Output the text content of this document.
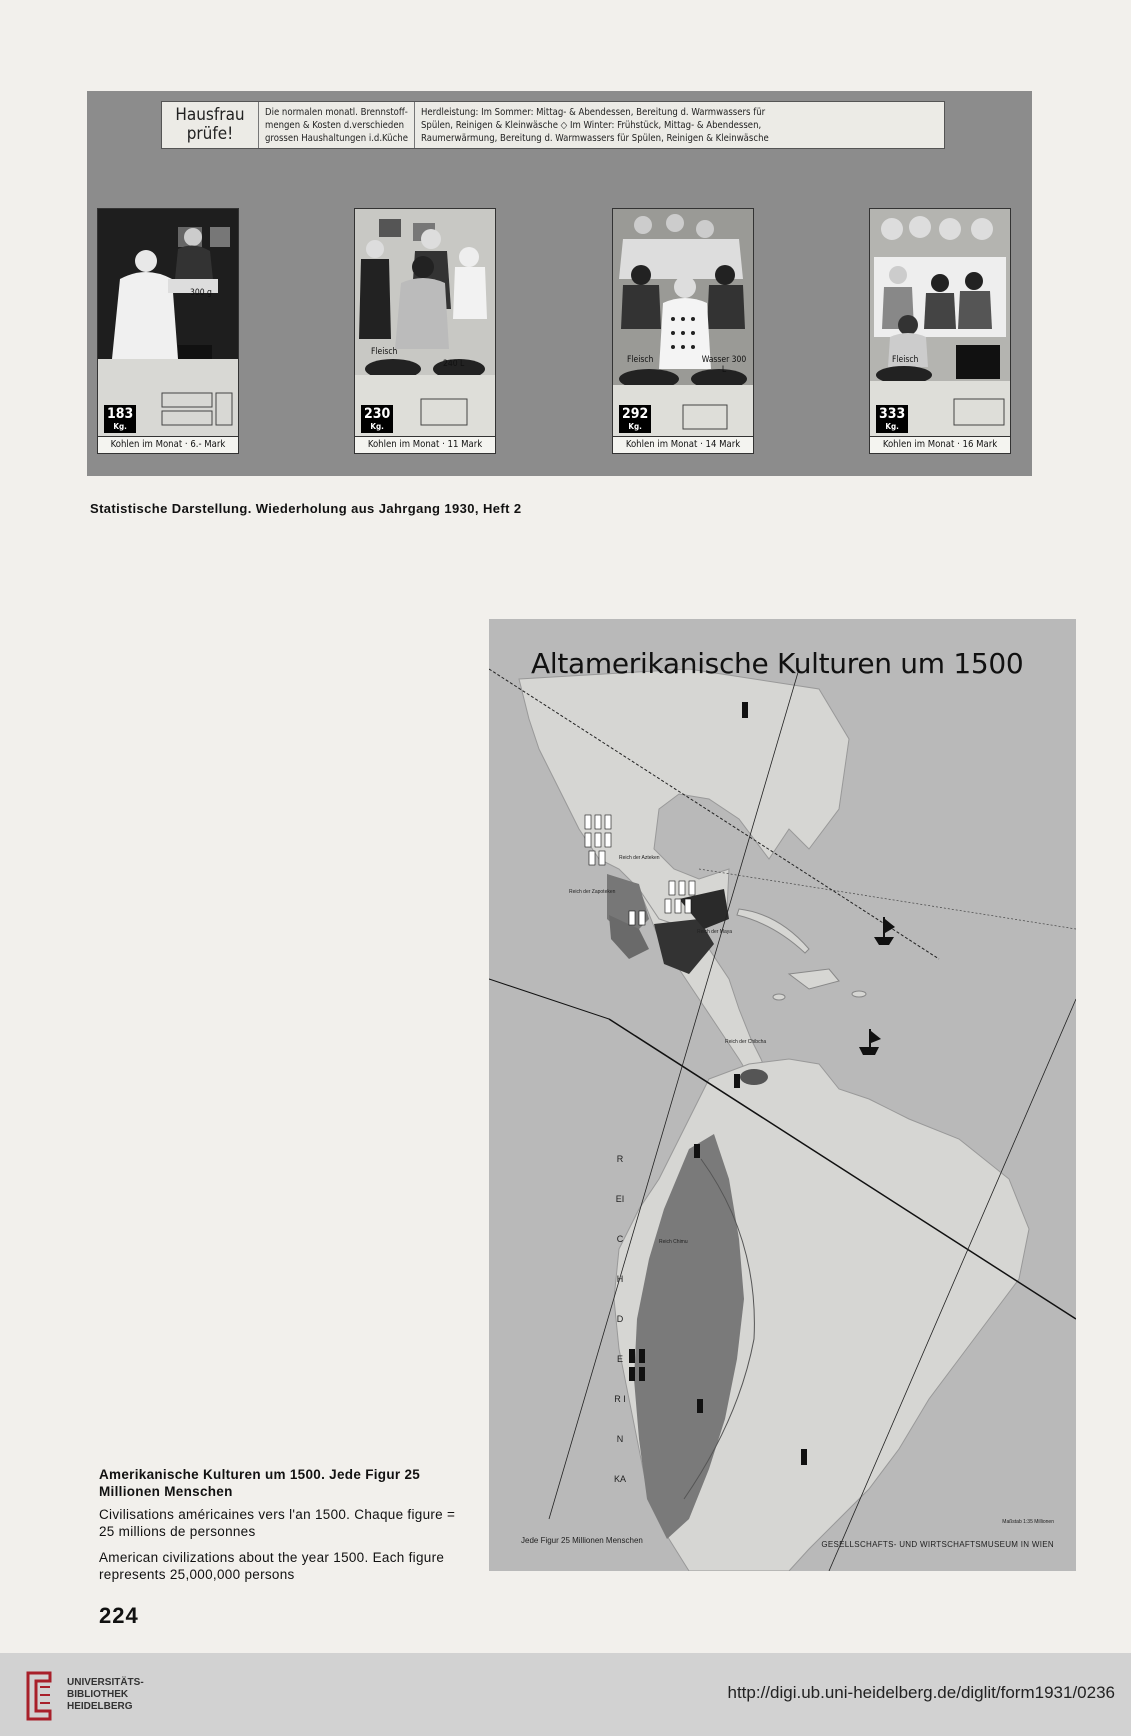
Hausfrau
prüfe!
Die normalen monatl. Brennstoff-
mengen & Kosten d.verschieden
grossen Haushaltungen i.d.Küche
Herdleistung: Im Sommer: Mittag- & Abendessen, Bereitung d. Warmwassers für
Spülen, Reinigen & Kleinwäsche ◇ Im Winter: Frühstück, Mittag- & Abendessen,
Raumerwärmung, Bereitung d. Warmwassers für Spülen, Reinigen & Kleinwäsche
300 g
183
Kg.
Kohlen im Monat · 6.- Mark
Fleisch
240 L
230
Kg.
Kohlen im Monat · 11 Mark
Fleisch	Wasser 300 L
292
Kg.
Kohlen im Monat · 14 Mark
Fleisch
333
Kg.
Kohlen im Monat · 16 Mark
Statistische Darstellung. Wiederholung aus Jahrgang 1930, Heft 2
Altamerikanische Kulturen um 1500
Reich der Azteken
Reich der Zapoteken
Reich der Maya
Reich der Chibcha
Reich Chimu
REICH DER INKA
Maßstab 1:35 Millionen
Jede Figur 25 Millionen Menschen	GESELLSCHAFTS- UND WIRTSCHAFTSMUSEUM IN WIEN
Amerikanische Kulturen um 1500. Jede Figur 25 Millionen Menschen
Civilisations américaines vers l'an 1500. Chaque figure = 25 millions de personnes
American civilizations about the year 1500. Each figure represents 25,000,000 persons
224
UNIVERSITÄTS-
BIBLIOTHEK
HEIDELBERG
http://digi.ub.uni-heidelberg.de/diglit/form1931/0236
